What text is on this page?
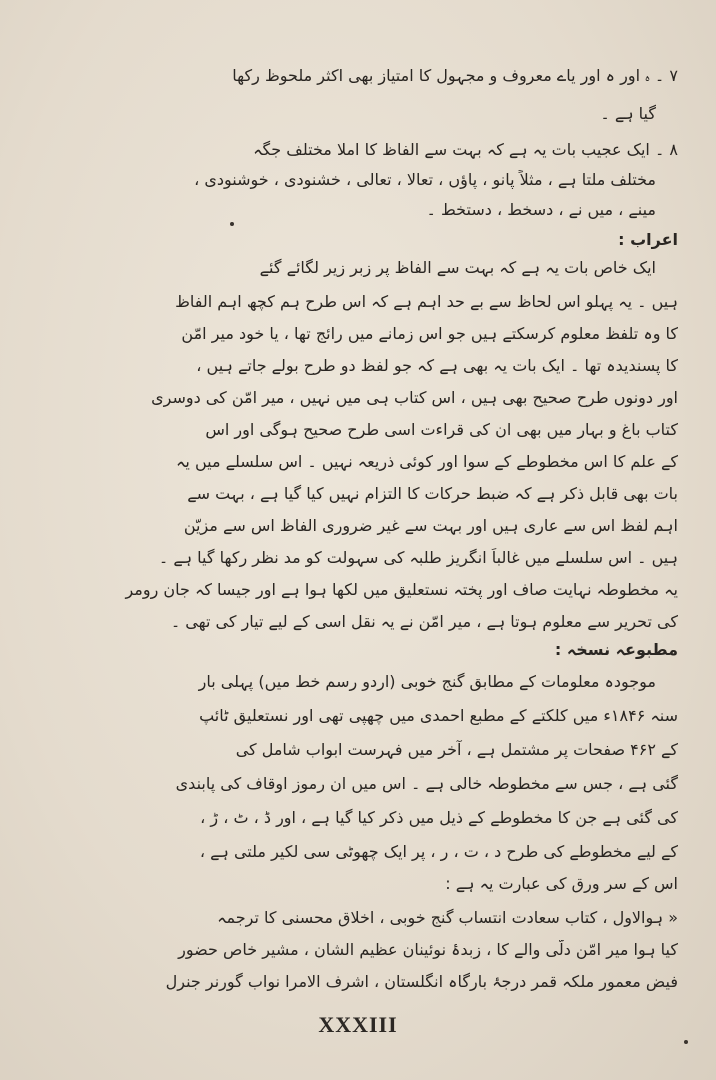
۷ ۔ ﮦ اور ہ اور یاے معروف و مجہول کا امتیاز بھی اکثر ملحوظ رکھا
گیا ہے ۔
۸ ۔ ایک عجیب بات یہ ہے کہ بہت سے الفاظ کا املا مختلف جگہ
مختلف ملتا ہے ، مثلاً پانو ، پاؤں ، تعالا ، تعالی ، خشنودی ، خوشنودی ،
مینے ، میں نے ، دسخط ، دستخط ۔
اعراب :
ایک خاص بات یہ ہے کہ بہت سے الفاظ پر زبر زیر لگائے گئے
ہیں ۔ یہ پہلو اس لحاظ سے بے حد اہم ہے کہ اس طرح ہم کچھ اہم الفاظ
کا وہ تلفظ معلوم کرسکتے ہیں جو اس زمانے میں رائج تھا ، یا خود میر امّن
کا پسندیدہ تھا ۔ ایک بات یہ بھی ہے کہ جو لفظ دو طرح بولے جاتے ہیں ،
اور دونوں طرح صحیح بھی ہیں ، اس کتاب ہی میں نہیں ، میر امّن کی دوسری
کتاب باغ و بہار میں بھی ان کی قراءت اسی طرح صحیح ہوگی اور اس
کے علم کا اس مخطوطے کے سوا اور کوئی ذریعہ نہیں ۔ اس سلسلے میں یہ
بات بھی قابل ذکر ہے کہ ضبط حرکات کا التزام نہیں کیا گیا ہے ، بہت سے
اہم لفظ اس سے عاری ہیں اور بہت سے غیر ضروری الفاظ اس سے مزیّن
ہیں ۔ اس سلسلے میں غالباً انگریز طلبہ کی سہولت کو مد نظر رکھا گیا ہے ۔
یہ مخطوطہ نہایت صاف اور پختہ نستعلیق میں لکھا ہوا ہے اور جیسا کہ جان رومر
کی تحریر سے معلوم ہوتا ہے ، میر امّن نے یہ نقل اسی کے لیے تیار کی تھی ۔
مطبوعہ نسخہ :
موجودہ معلومات کے مطابق گنج خوبی (اردو رسم خط میں) پہلی بار
سنہ ۱۸۴۶ء میں کلکتے کے مطبع احمدی میں چھپی تھی اور نستعلیق ٹائپ
کے ۴۶۲ صفحات پر مشتمل ہے ، آخر میں فہرست ابواب شامل کی
گئی ہے ، جس سے مخطوطہ خالی ہے ۔ اس میں ان رموز اوقاف کی پابندی
کی گئی ہے جن کا مخطوطے کے ذیل میں ذکر کیا گیا ہے ، اور ڈ ، ٹ ، ڑ ،
کے لیے مخطوطے کی طرح د ، ت ، ر ، پر ایک چھوٹی سی لکیر ملتی ہے ،
اس کے سر ورق کی عبارت یہ ہے :
« ہوالاول ، کتاب سعادت انتساب گنج خوبی ، اخلاق محسنی کا ترجمہ
کیا ہوا میر امّن دلّی والے کا ، زبدۂ نوئینان عظیم الشان ، مشیر خاص حضور
فیض معمور ملکہ قمر درجۂ بارگاہ انگلستان ، اشرف الامرا نواب گورنر جنرل
XXXIII
